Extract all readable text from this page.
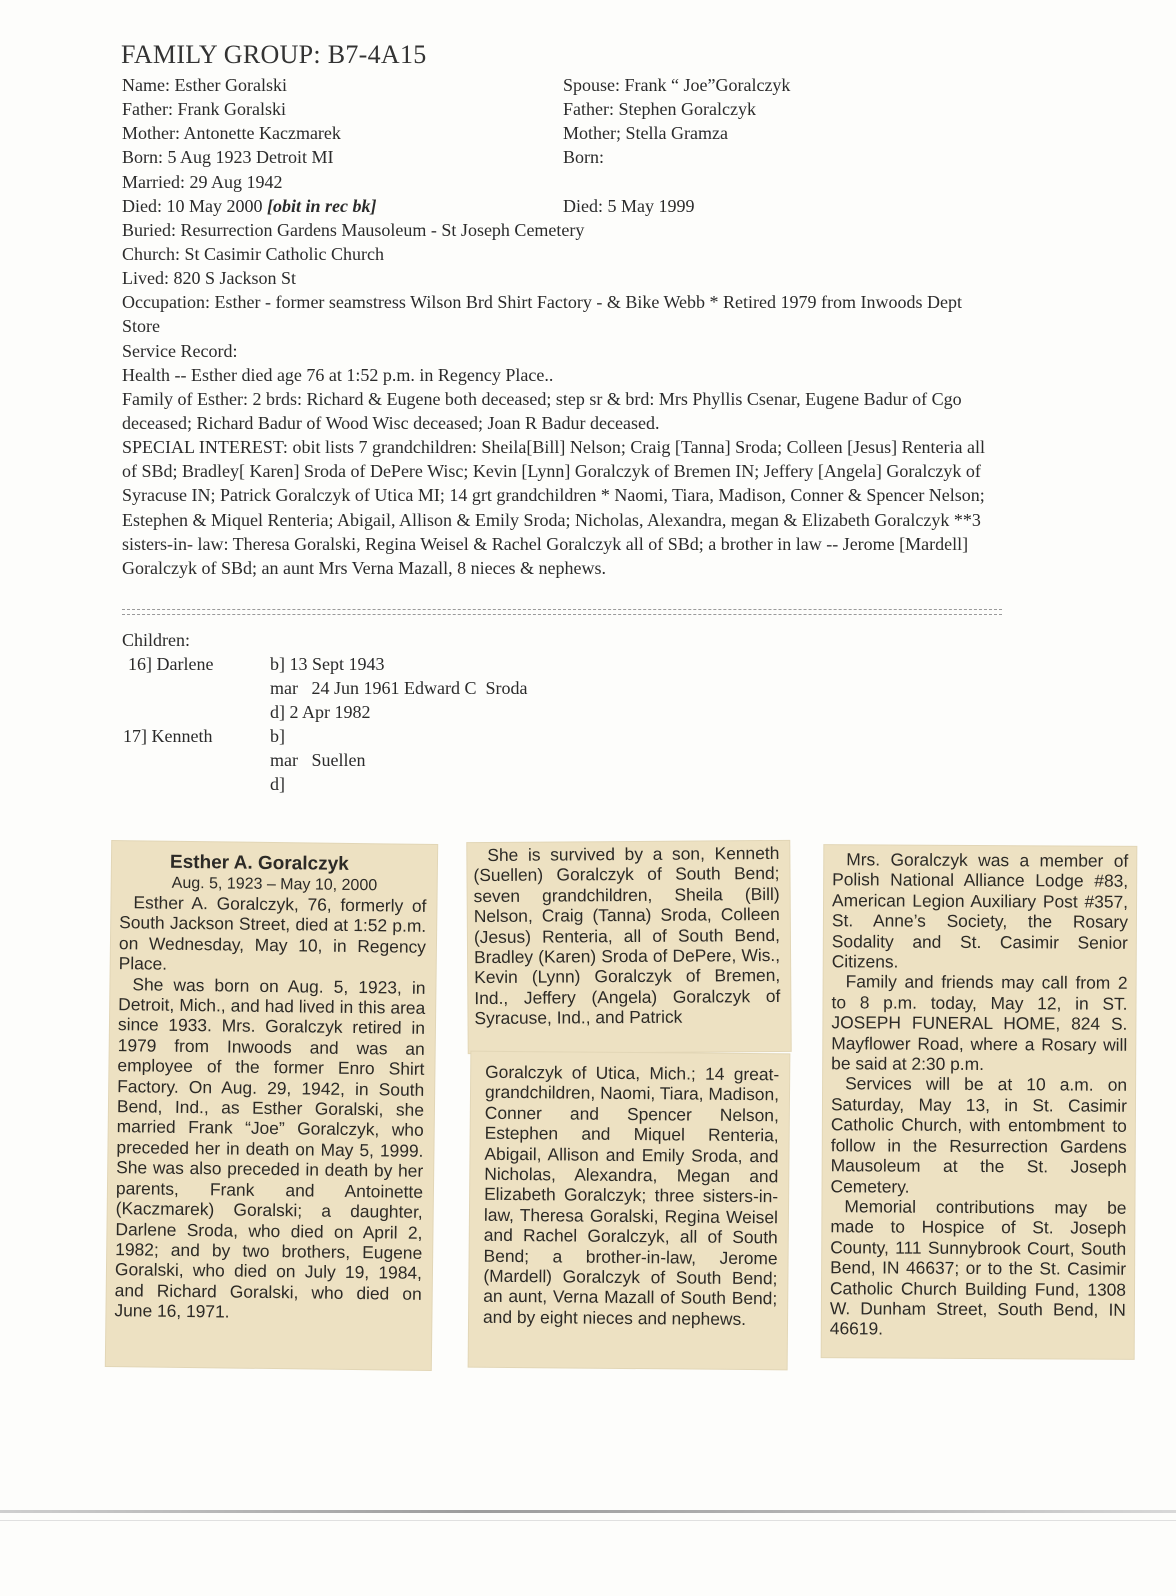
FAMILY GROUP: B7-4A15
Name: Esther Goralski
Father: Frank Goralski
Mother: Antonette Kaczmarek
Born: 5 Aug 1923 Detroit MI
Married: 29 Aug 1942
Died: 10 May 2000 [obit in rec bk]
Spouse: Frank “ Joe”Goralczyk
Father: Stephen Goralczyk
Mother; Stella Gramza
Born:
Died: 5 May 1999
Buried: Resurrection Gardens Mausoleum - St Joseph Cemetery
Church: St Casimir Catholic Church
Lived: 820 S Jackson St
Occupation: Esther - former seamstress Wilson Brd Shirt Factory - & Bike Webb * Retired 1979 from Inwoods Dept Store
Service Record:
Health -- Esther died age 76 at 1:52 p.m. in Regency Place..
Family of Esther: 2 brds: Richard & Eugene both deceased; step sr & brd: Mrs Phyllis Csenar, Eugene Badur of Cgo deceased; Richard Badur of Wood Wisc deceased; Joan R Badur deceased.
SPECIAL INTEREST: obit lists 7 grandchildren: Sheila[Bill] Nelson; Craig [Tanna] Sroda; Colleen [Jesus] Renteria all of SBd; Bradley[ Karen] Sroda of DePere Wisc; Kevin [Lynn] Goralczyk of Bremen IN; Jeffery [Angela] Goralczyk of Syracuse IN; Patrick Goralczyk of Utica MI; 14 grt grandchildren * Naomi, Tiara, Madison, Conner & Spencer Nelson; Estephen & Miquel Renteria; Abigail, Allison & Emily Sroda; Nicholas, Alexandra, megan & Elizabeth Goralczyk **3 sisters-in- law: Theresa Goralski, Regina Weisel & Rachel Goralczyk all of SBd; a brother in law -- Jerome [Mardell] Goralczyk of SBd; an aunt Mrs Verna Mazall, 8 nieces & nephews.
Children:
16] Darlene	b] 13 Sept 1943
mar   24 Jun 1961 Edward C  Sroda
d] 2 Apr 1982
17] Kenneth	b]
mar   Suellen
d]
Esther A. Goralczyk
Aug. 5, 1923 – May 10, 2000

Esther A. Goralczyk, 76, formerly of South Jackson Street, died at 1:52 p.m. on Wednesday, May 10, in Regency Place.

She was born on Aug. 5, 1923, in Detroit, Mich., and had lived in this area since 1933. Mrs. Goralczyk retired in 1979 from Inwoods and was an employee of the former Enro Shirt Factory. On Aug. 29, 1942, in South Bend, Ind., as Esther Goralski, she married Frank “Joe” Goralczyk, who preceded her in death on May 5, 1999. She was also preceded in death by her parents, Frank and Antoinette (Kaczmarek) Goralski; a daughter, Darlene Sroda, who died on April 2, 1982; and by two brothers, Eugene Goralski, who died on July 19, 1984, and Richard Goralski, who died on June 16, 1971.

She is survived by a son, Kenneth (Suellen) Goralczyk of South Bend; seven grandchildren, Sheila (Bill) Nelson, Craig (Tanna) Sroda, Colleen (Jesus) Renteria, all of South Bend, Bradley (Karen) Sroda of DePere, Wis., Kevin (Lynn) Goralczyk of Bremen, Ind., Jeffery (Angela) Goralczyk of Syracuse, Ind., and Patrick

Goralczyk of Utica, Mich.; 14 great-grandchildren, Naomi, Tiara, Madison, Conner and Spencer Nelson, Estephen and Miquel Renteria, Abigail, Allison and Emily Sroda, and Nicholas, Alexandra, Megan and Elizabeth Goralczyk; three sisters-in-law, Theresa Goralski, Regina Weisel and Rachel Goralczyk, all of South Bend; a brother-in-law, Jerome (Mardell) Goralczyk of South Bend; an aunt, Verna Mazall of South Bend; and by eight nieces and nephews.

Mrs. Goralczyk was a member of Polish National Alliance Lodge #83, American Legion Auxiliary Post #357, St. Anne’s Society, the Rosary Sodality and St. Casimir Senior Citizens.

Family and friends may call from 2 to 8 p.m. today, May 12, in ST. JOSEPH FUNERAL HOME, 824 S. Mayflower Road, where a Rosary will be said at 2:30 p.m.

Services will be at 10 a.m. on Saturday, May 13, in St. Casimir Catholic Church, with entombment to follow in the Resurrection Gardens Mausoleum at the St. Joseph Cemetery.

Memorial contributions may be made to Hospice of St. Joseph County, 111 Sunnybrook Court, South Bend, IN 46637; or to the St. Casimir Catholic Church Building Fund, 1308 W. Dunham Street, South Bend, IN 46619.
